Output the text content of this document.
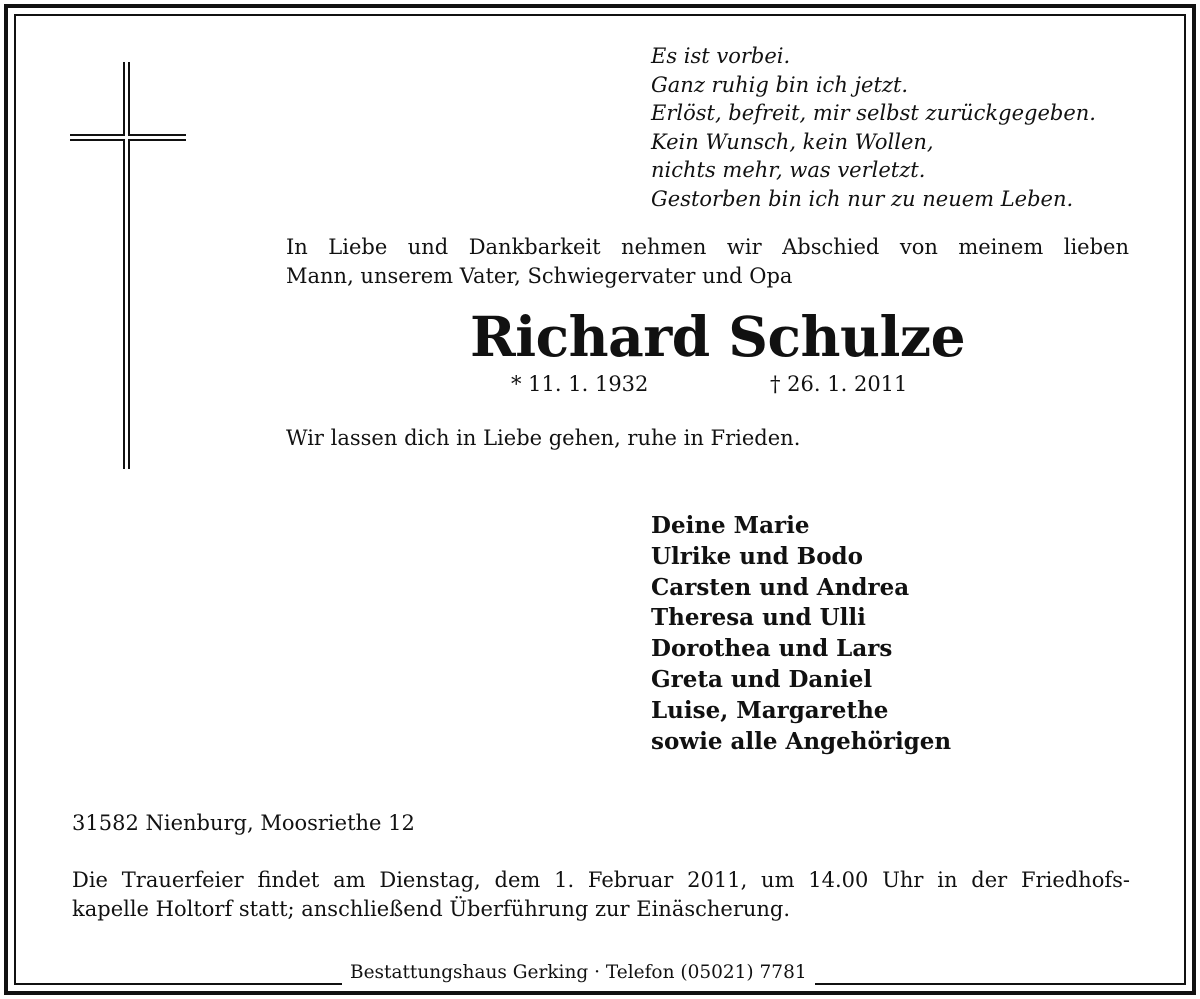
Es ist vorbei.
Ganz ruhig bin ich jetzt.
Erlöst, befreit, mir selbst zurückgegeben.
Kein Wunsch, kein Wollen,
nichts mehr, was verletzt.
Gestorben bin ich nur zu neuem Leben.
In Liebe und Dankbarkeit nehmen wir Abschied von meinem lieben
Mann, unserem Vater, Schwiegervater und Opa
Richard Schulze
* 11. 1. 1932	† 26. 1. 2011
Wir lassen dich in Liebe gehen, ruhe in Frieden.
Deine Marie
Ulrike und Bodo
Carsten und Andrea
Theresa und Ulli
Dorothea und Lars
Greta und Daniel
Luise, Margarethe
sowie alle Angehörigen
31582 Nienburg, Moosriethe 12
Die Trauerfeier findet am Dienstag, dem 1. Februar 2011, um 14.00 Uhr in der Friedhofs-
kapelle Holtorf statt; anschließend Überführung zur Einäscherung.
Bestattungshaus Gerking · Telefon (05021) 7781
